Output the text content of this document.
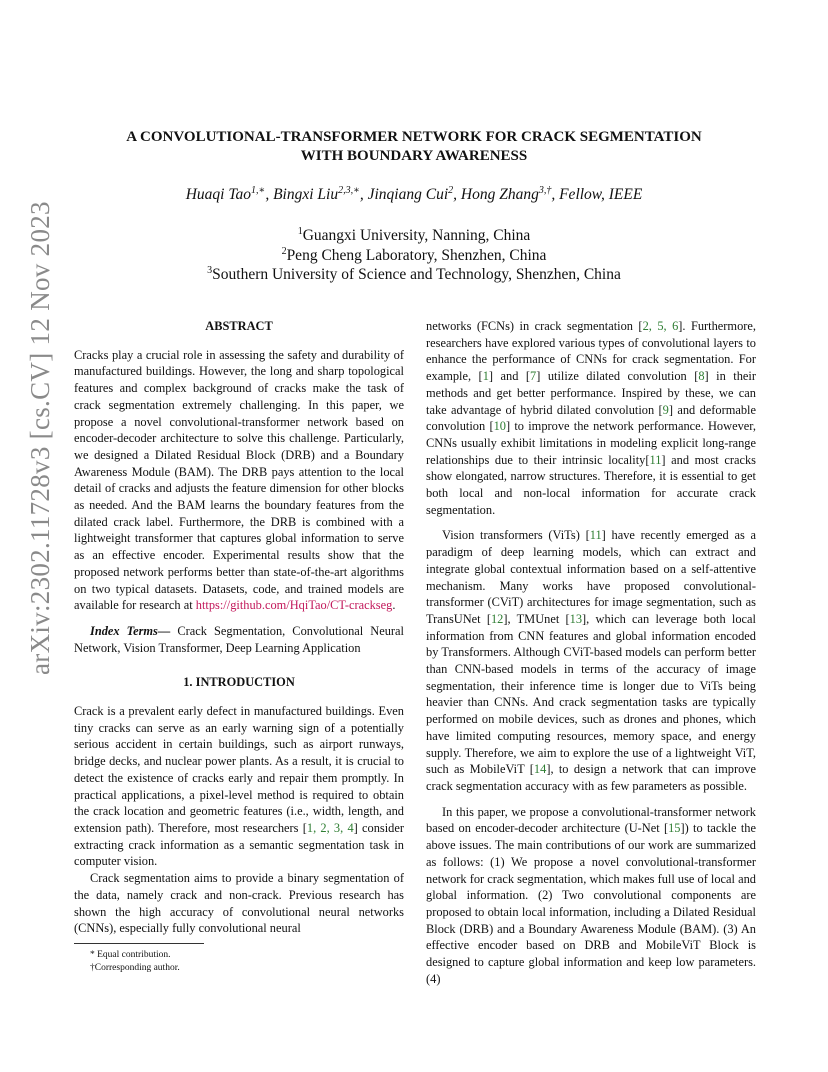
arXiv:2302.11728v3 [cs.CV] 12 Nov 2023
A CONVOLUTIONAL-TRANSFORMER NETWORK FOR CRACK SEGMENTATION
WITH BOUNDARY AWARENESS
Huaqi Tao$^{1,∗}$, Bingxi Liu$^{2,3,∗}$, Jinqiang Cui$^2$, Hong Zhang$^{3,\dagger}$, Fellow, IEEE
$^1$Guangxi University, Nanning, China
$^2$Peng Cheng Laboratory, Shenzhen, China
$^3$Southern University of Science and Technology, Shenzhen, China
ABSTRACT

Cracks play a crucial role in assessing the safety and durability of manufactured buildings. However, the long and sharp topological features and complex background of cracks make the task of crack segmentation extremely challenging. In this paper, we propose a novel convolutional-transformer network based on encoder-decoder architecture to solve this challenge. Particularly, we designed a Dilated Residual Block (DRB) and a Boundary Awareness Module (BAM). The DRB pays attention to the local detail of cracks and adjusts the feature dimension for other blocks as needed. And the BAM learns the boundary features from the dilated crack label. Furthermore, the DRB is combined with a lightweight transformer that captures global information to serve as an effective encoder. Experimental results show that the proposed network performs better than state-of-the-art algorithms on two typical datasets. Datasets, code, and trained models are available for research at https://github.com/HqiTao/CT-crackseg.

Index Terms— Crack Segmentation, Convolutional Neural Network, Vision Transformer, Deep Learning Application

1. INTRODUCTION

Crack is a prevalent early defect in manufactured buildings. Even tiny cracks can serve as an early warning sign of a potentially serious accident in certain buildings, such as airport runways, bridge decks, and nuclear power plants. As a result, it is crucial to detect the existence of cracks early and repair them promptly. In practical applications, a pixel-level method is required to obtain the crack location and geometric features (i.e., width, length, and extension path). Therefore, most researchers [1, 2, 3, 4] consider extracting crack information as a semantic segmentation task in computer vision.

Crack segmentation aims to provide a binary segmentation of the data, namely crack and non-crack. Previous research has shown the high accuracy of convolutional neural networks (CNNs), especially fully convolutional neural

* Equal contribution.
†Corresponding author.

networks (FCNs) in crack segmentation [2, 5, 6]. Furthermore, researchers have explored various types of convolutional layers to enhance the performance of CNNs for crack segmentation. For example, [1] and [7] utilize dilated convolution [8] in their methods and get better performance. Inspired by these, we can take advantage of hybrid dilated convolution [9] and deformable convolution [10] to improve the network performance. However, CNNs usually exhibit limitations in modeling explicit long-range relationships due to their intrinsic locality[11] and most cracks show elongated, narrow structures. Therefore, it is essential to get both local and non-local information for accurate crack segmentation.

Vision transformers (ViTs) [11] have recently emerged as a paradigm of deep learning models, which can extract and integrate global contextual information based on a self-attentive mechanism. Many works have proposed convolutional-transformer (CViT) architectures for image segmentation, such as TransUNet [12], TMUnet [13], which can leverage both local information from CNN features and global information encoded by Transformers. Although CViT-based models can perform better than CNN-based models in terms of the accuracy of image segmentation, their inference time is longer due to ViTs being heavier than CNNs. And crack segmentation tasks are typically performed on mobile devices, such as drones and phones, which have limited computing resources, memory space, and energy supply. Therefore, we aim to explore the use of a lightweight ViT, such as MobileViT [14], to design a network that can improve crack segmentation accuracy with as few parameters as possible.

In this paper, we propose a convolutional-transformer network based on encoder-decoder architecture (U-Net [15]) to tackle the above issues. The main contributions of our work are summarized as follows: (1) We propose a novel convolutional-transformer network for crack segmentation, which makes full use of local and global information. (2) Two convolutional components are proposed to obtain local information, including a Dilated Residual Block (DRB) and a Boundary Awareness Module (BAM). (3) An effective encoder based on DRB and MobileViT Block is designed to capture global information and keep low parameters. (4)
